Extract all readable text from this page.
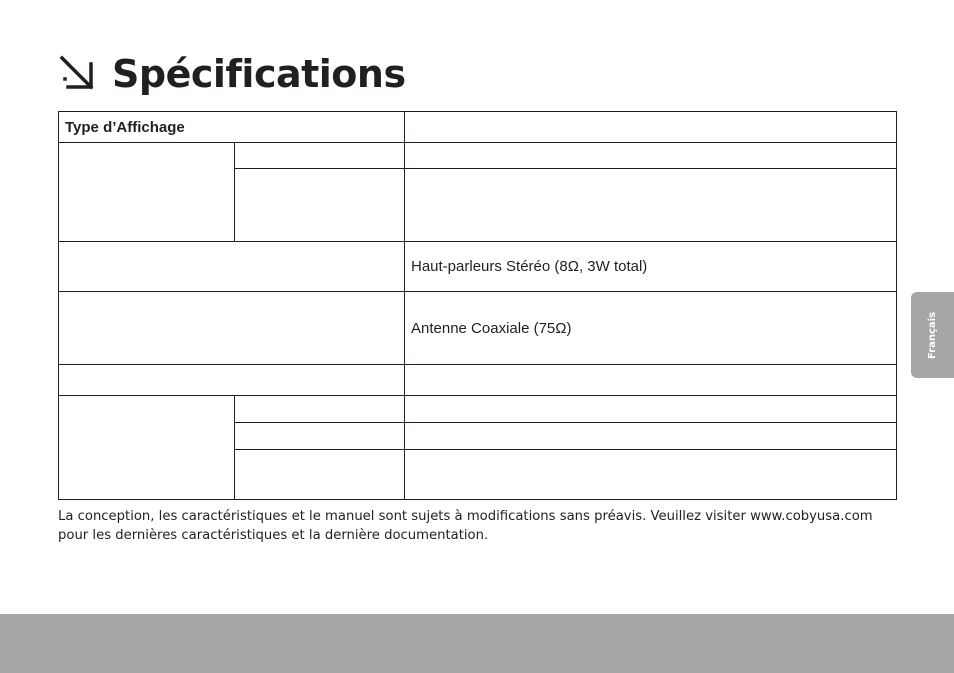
Spécifications
Type d’Affichage		

		Haut-parleurs Stéréo (8Ω, 3W total)
		Antenne Coaxiale (75Ω)

La conception, les caractéristiques et le manuel sont sujets à modifications sans préavis. Veuillez visiter www.cobyusa.com pour les dernières caractéristiques et la dernière documentation.

Français
